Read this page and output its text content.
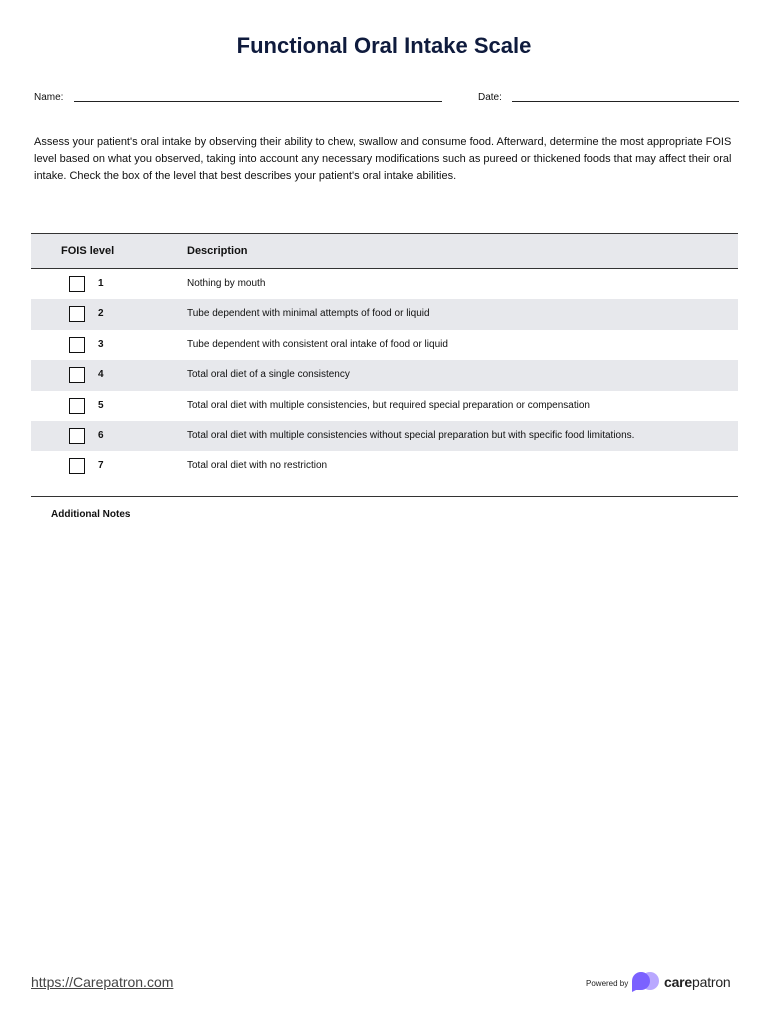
Functional Oral Intake Scale
Name:	Date:

Assess your patient's oral intake by observing their ability to chew, swallow and consume food. Afterward, determine the most appropriate FOIS level based on what you observed, taking into account any necessary modifications such as pureed or thickened foods that may affect their oral intake. Check the box of the level that best describes your patient's oral intake abilities.

FOIS level	Description
1	Nothing by mouth
2	Tube dependent with minimal attempts of food or liquid
3	Tube dependent with consistent oral intake of food or liquid
4	Total oral diet of a single consistency
5	Total oral diet with multiple consistencies, but required special preparation or compensation
6	Total oral diet with multiple consistencies without special preparation but with specific food limitations.
7	Total oral diet with no restriction
Additional Notes
https://Carepatron.com	Powered by	carepatron
